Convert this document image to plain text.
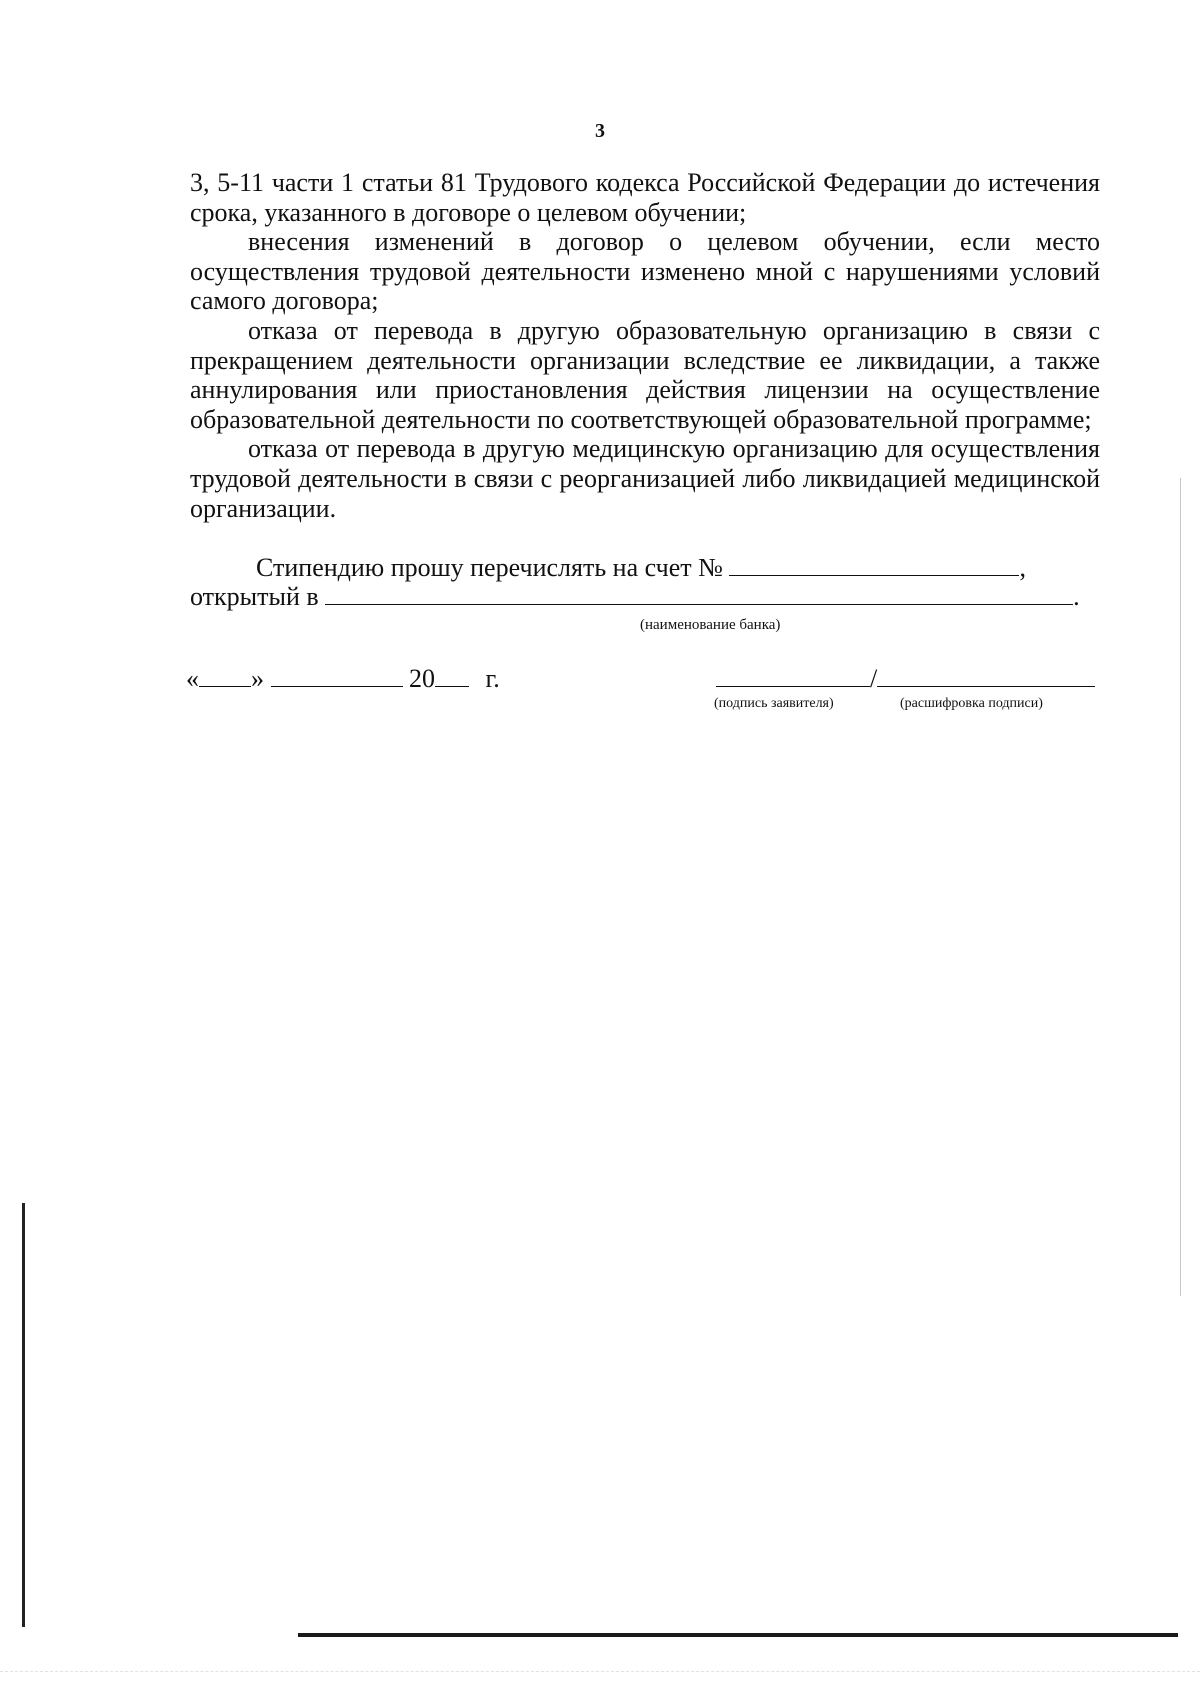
3

3, 5-11 части 1 статьи 81 Трудового кодекса Российской Федерации до истечения срока, указанного в договоре о целевом обучении;

внесения изменений в договор о целевом обучении, если место осуществления трудовой деятельности изменено мной с нарушениями условий самого договора;

отказа от перевода в другую образовательную организацию в связи с прекращением деятельности организации вследствие ее ликвидации, а также аннулирования или приостановления действия лицензии на осуществление образовательной деятельности по соответствующей образовательной программе;

отказа от перевода в другую медицинскую организацию для осуществления трудовой деятельности в связи с реорганизацией либо ликвидацией медицинской организации.

Стипендию прошу перечислять на счет №	,
открытый в	.
(наименование банка)
« »	20 г.	/
(подпись заявителя)	(расшифровка подписи)
